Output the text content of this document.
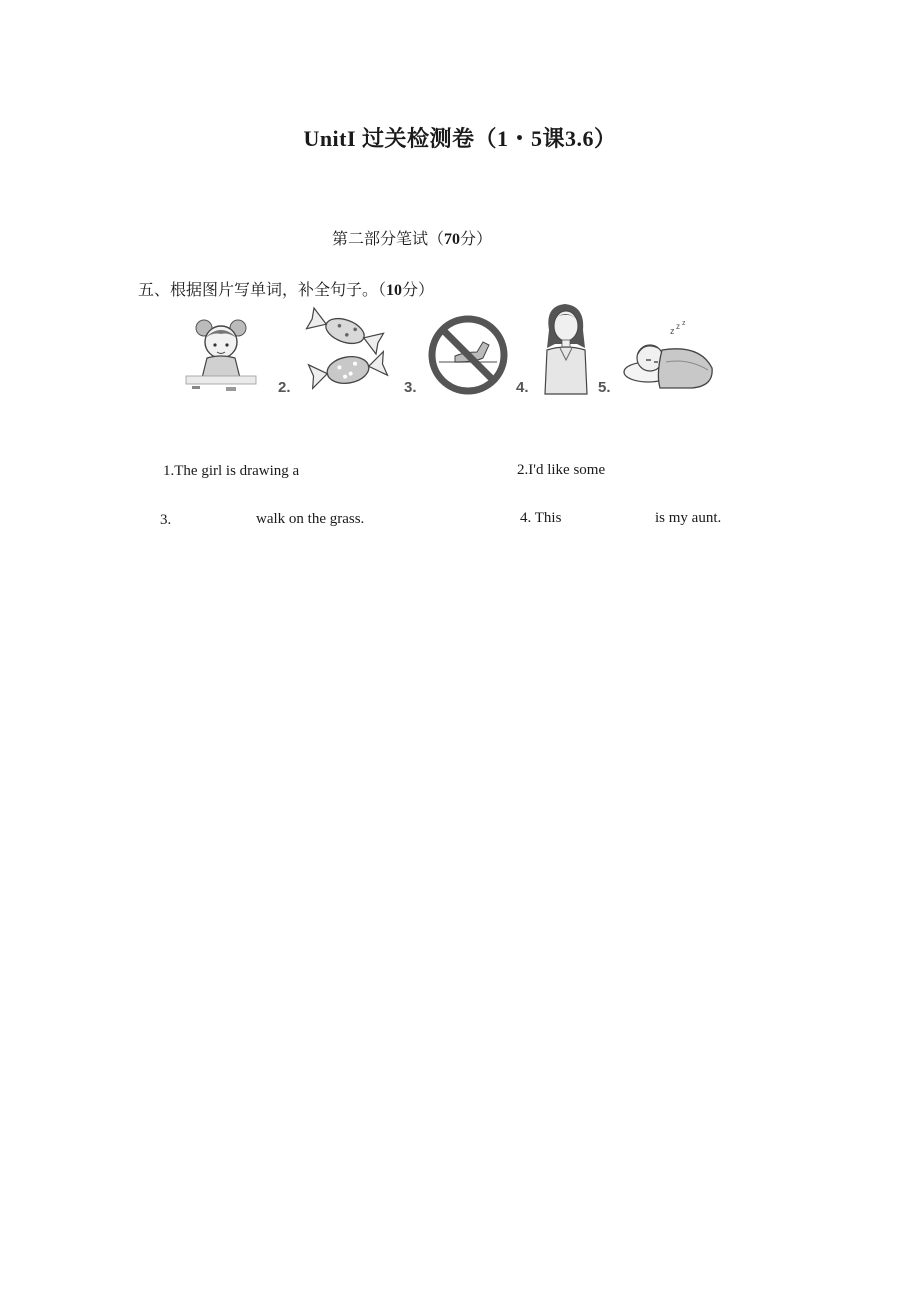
UnitI 过关检测卷（1・5课3.6）
第二部分笔试（70分）
五、根据图片写单词，补全句子。（10分）
z z z
2.	3.	4.	5.
1.The girl is drawing a	2.I'd like some
3.	walk on the grass.	4. This	is my aunt.
